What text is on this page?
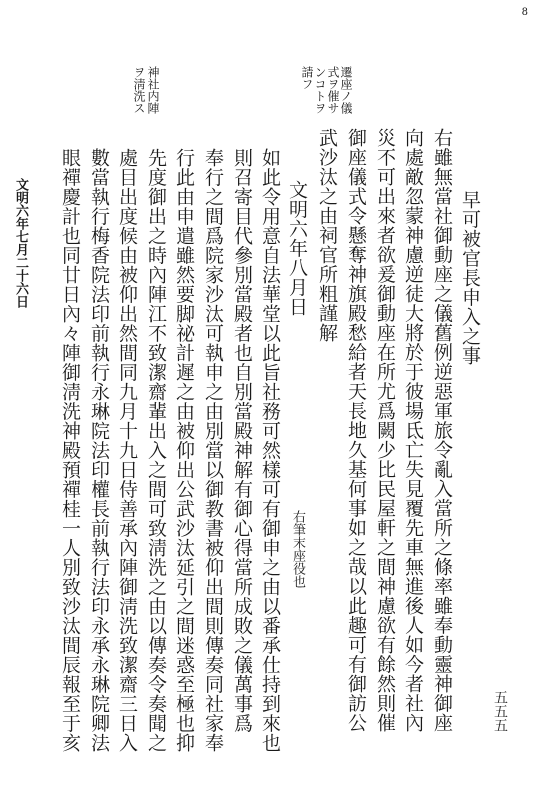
8
遷座ノ儀
式ヲ催サ
ンコトヲ
請フ
神社内陣
ヲ淸洗ス
早可被官長申入之事
右雖無當社御動座之儀舊例逆惡軍旅令亂入當所之條率雖奉動靈神御座
向處敵忽蒙神慮逆徒大將於于彼場氐亡失見覆先車無進後人如今者社內
災不可出來者欲爰御動座在所尤爲闕少比民屋軒之間神慮欲有餘然則催
御座儀式令懸奪神旗殿愁給者天長地久基何事如之哉以此趣可有御訪公
武沙汰之由祠官所粗謹解
文明六年八月日
右筆末座役也
如此令用意自法華堂以此旨社務可然樣可有御申之由以番承仕持到來也
則召寄目代參別當殿者也自別當殿神解有御心得當所成敗之儀萬事爲
奉行之間爲院家沙汰可執申之由別當以御教書被仰出間則傳奏同社家奉
行此由申遣雖然要脚祕計遲之由被仰出公武沙汰延引之間迷惑至極也抑
先度御出之時內陣江不致潔齋輩出入之間可致淸洗之由以傳奏令奏聞之
處目出度候由被仰出然間同九月十九日侍善承內陣御淸洗致潔齋三日入
數當執行梅香院法印前執行永琳院法印權長前執行法印永承永琳院卿法
眼禪慶計也同廿日內々陣御淸洗神殿預禪桂一人別致沙汰間辰報至于亥
文明六年七月二十六日
五五五
